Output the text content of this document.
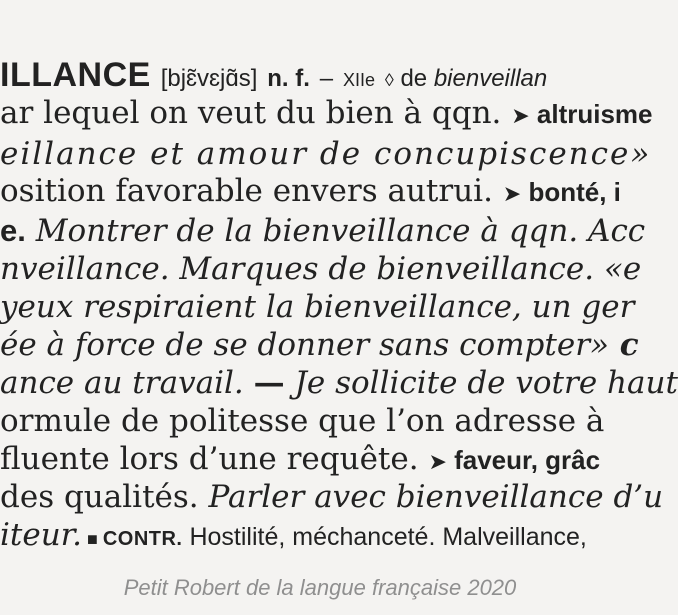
ILLANCE [bjɛ̃vɛjɑ̃s] n. f. – XIIe ◊ de bienveillan
ar lequel on veut du bien à qqn. ➤ altruisme
eillance et amour de concupiscence»
osition favorable envers autrui. ➤ bonté, i
e. Montrer de la bienveillance à qqn. Acc
nveillance. Marques de bienveillance. «e
yeux respiraient la bienveillance, un ger
ée à force de se donner sans compter» c
ance au travail. — Je sollicite de votre haut
ormule de politesse que l’on adresse à
fluente lors d’une requête. ➤ faveur, grâc
des qualités. Parler avec bienveillance d’u
iteur. ■ CONTR. Hostilité, méchanceté. Malveillance,
Petit Robert de la langue française 2020
